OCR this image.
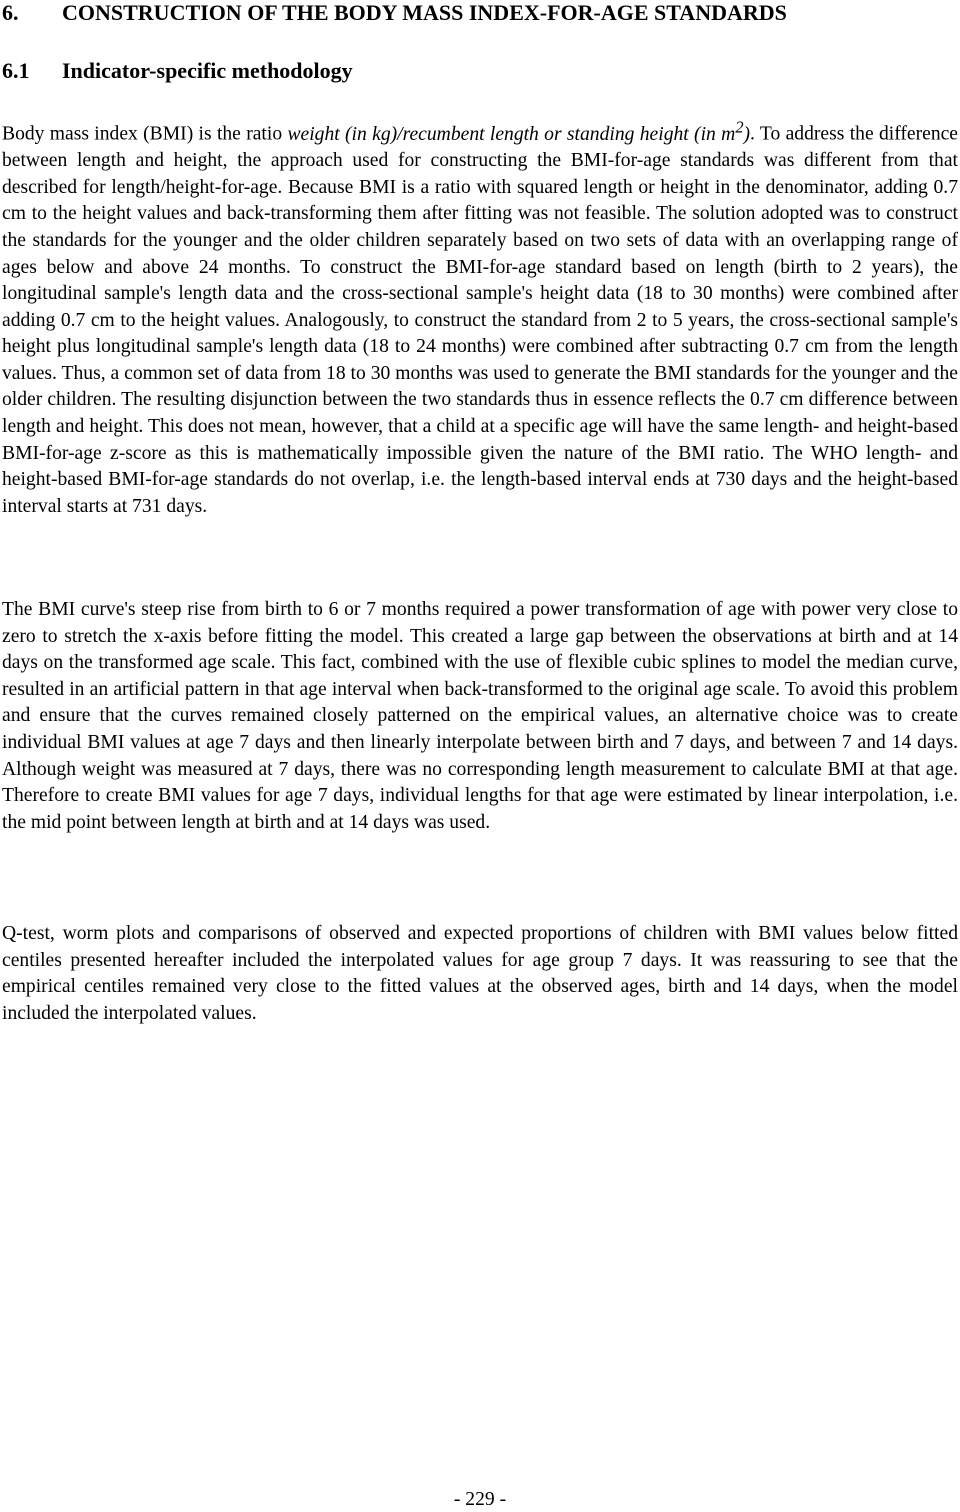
6. CONSTRUCTION OF THE BODY MASS INDEX-FOR-AGE STANDARDS
6.1 Indicator-specific methodology

Body mass index (BMI) is the ratio weight (in kg)/recumbent length or standing height (in $m^2$). To address the difference between length and height, the approach used for constructing the BMI-for-age standards was different from that described for length/height-for-age. Because BMI is a ratio with squared length or height in the denominator, adding 0.7 cm to the height values and back-transforming them after fitting was not feasible. The solution adopted was to construct the standards for the younger and the older children separately based on two sets of data with an overlapping range of ages below and above 24 months. To construct the BMI-for-age standard based on length (birth to 2 years), the longitudinal sample's length data and the cross-sectional sample's height data (18 to 30 months) were combined after adding 0.7 cm to the height values. Analogously, to construct the standard from 2 to 5 years, the cross-sectional sample's height plus longitudinal sample's length data (18 to 24 months) were combined after subtracting 0.7 cm from the length values. Thus, a common set of data from 18 to 30 months was used to generate the BMI standards for the younger and the older children. The resulting disjunction between the two standards thus in essence reflects the 0.7 cm difference between length and height. This does not mean, however, that a child at a specific age will have the same length- and height-based BMI-for-age z-score as this is mathematically impossible given the nature of the BMI ratio. The WHO length- and height-based BMI-for-age standards do not overlap, i.e. the length-based interval ends at 730 days and the height-based interval starts at 731 days.

The BMI curve's steep rise from birth to 6 or 7 months required a power transformation of age with power very close to zero to stretch the x-axis before fitting the model. This created a large gap between the observations at birth and at 14 days on the transformed age scale. This fact, combined with the use of flexible cubic splines to model the median curve, resulted in an artificial pattern in that age interval when back-transformed to the original age scale. To avoid this problem and ensure that the curves remained closely patterned on the empirical values, an alternative choice was to create individual BMI values at age 7 days and then linearly interpolate between birth and 7 days, and between 7 and 14 days. Although weight was measured at 7 days, there was no corresponding length measurement to calculate BMI at that age. Therefore to create BMI values for age 7 days, individual lengths for that age were estimated by linear interpolation, i.e. the mid point between length at birth and at 14 days was used.

Q-test, worm plots and comparisons of observed and expected proportions of children with BMI values below fitted centiles presented hereafter included the interpolated values for age group 7 days. It was reassuring to see that the empirical centiles remained very close to the fitted values at the observed ages, birth and 14 days, when the model included the interpolated values.

- 229 -
